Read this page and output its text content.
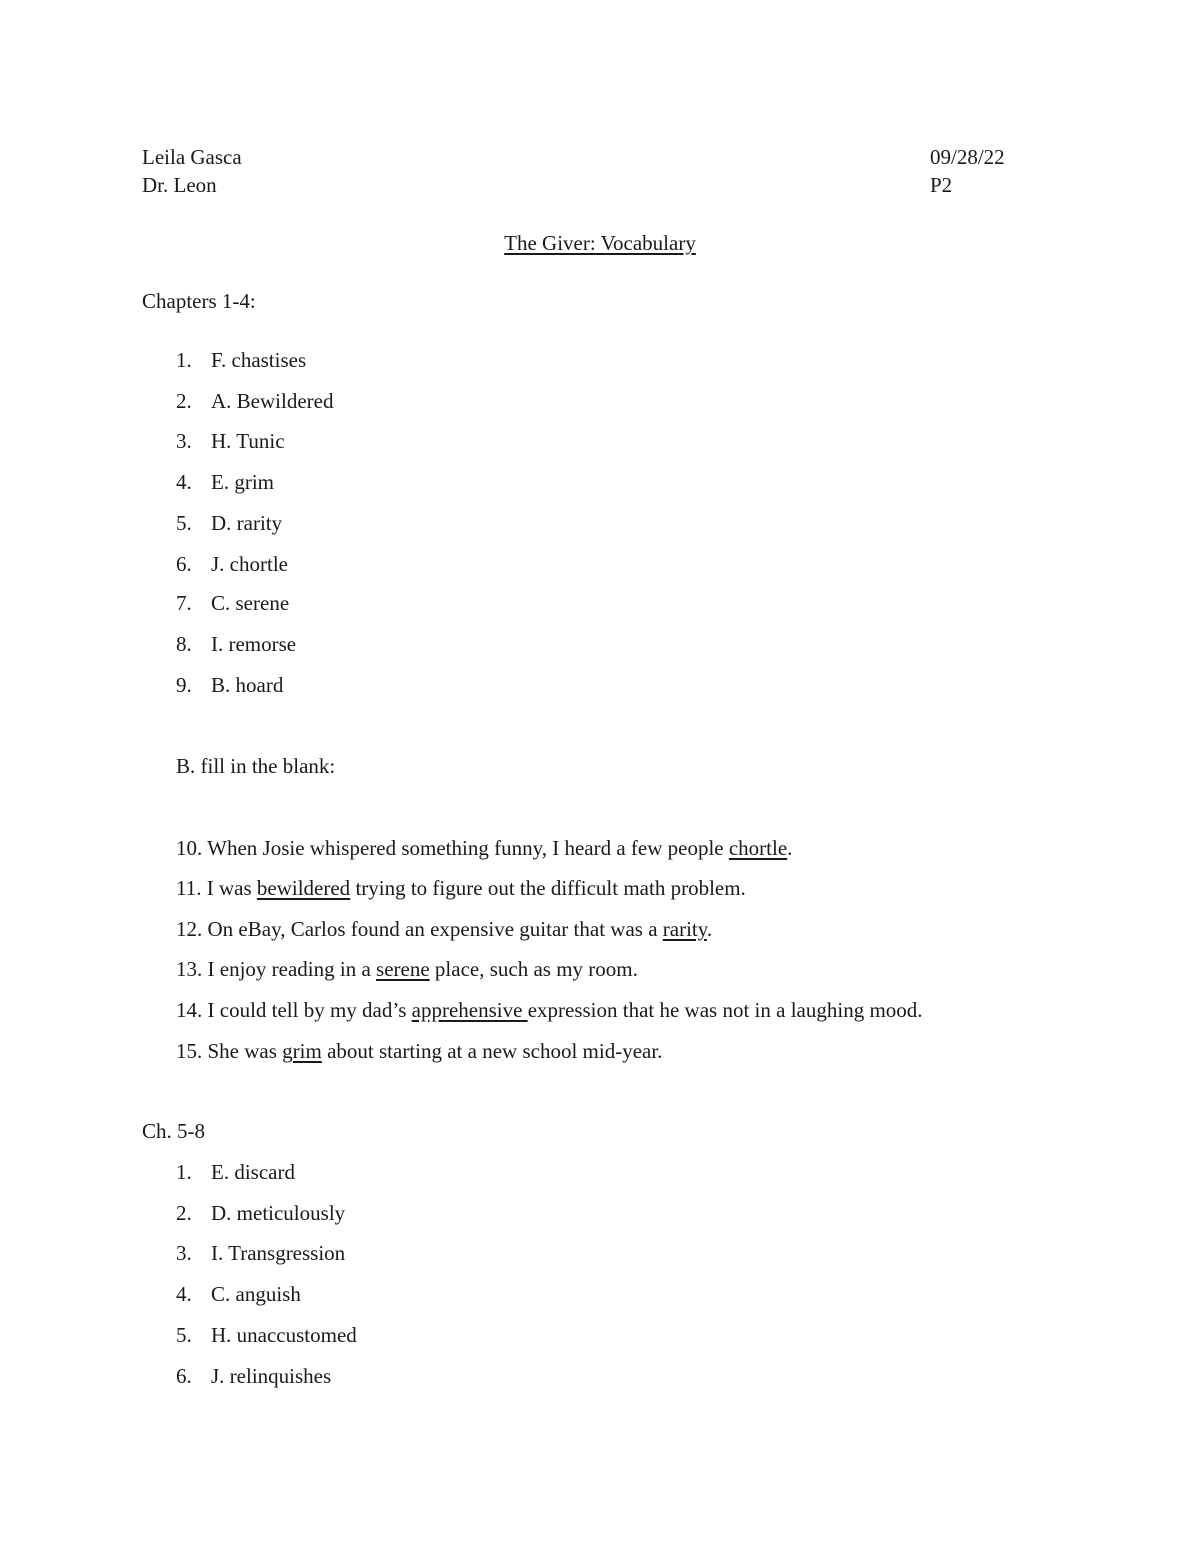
Leila Gasca	09/28/22
Dr. Leon	P2
The Giver: Vocabulary
Chapters 1-4:
1. F. chastises
2. A. Bewildered
3. H. Tunic
4. E. grim
5. D. rarity
6. J. chortle
7. C. serene
8. I. remorse
9. B. hoard
B. fill in the blank:
10. When Josie whispered something funny, I heard a few people chortle.
11. I was bewildered trying to figure out the difficult math problem.
12. On eBay, Carlos found an expensive guitar that was a rarity.
13. I enjoy reading in a serene place, such as my room.
14. I could tell by my dad’s apprehensive expression that he was not in a laughing mood.
15. She was grim about starting at a new school mid-year.
Ch. 5-8
1. E. discard
2. D. meticulously
3. I. Transgression
4. C. anguish
5. H. unaccustomed
6. J. relinquishes
